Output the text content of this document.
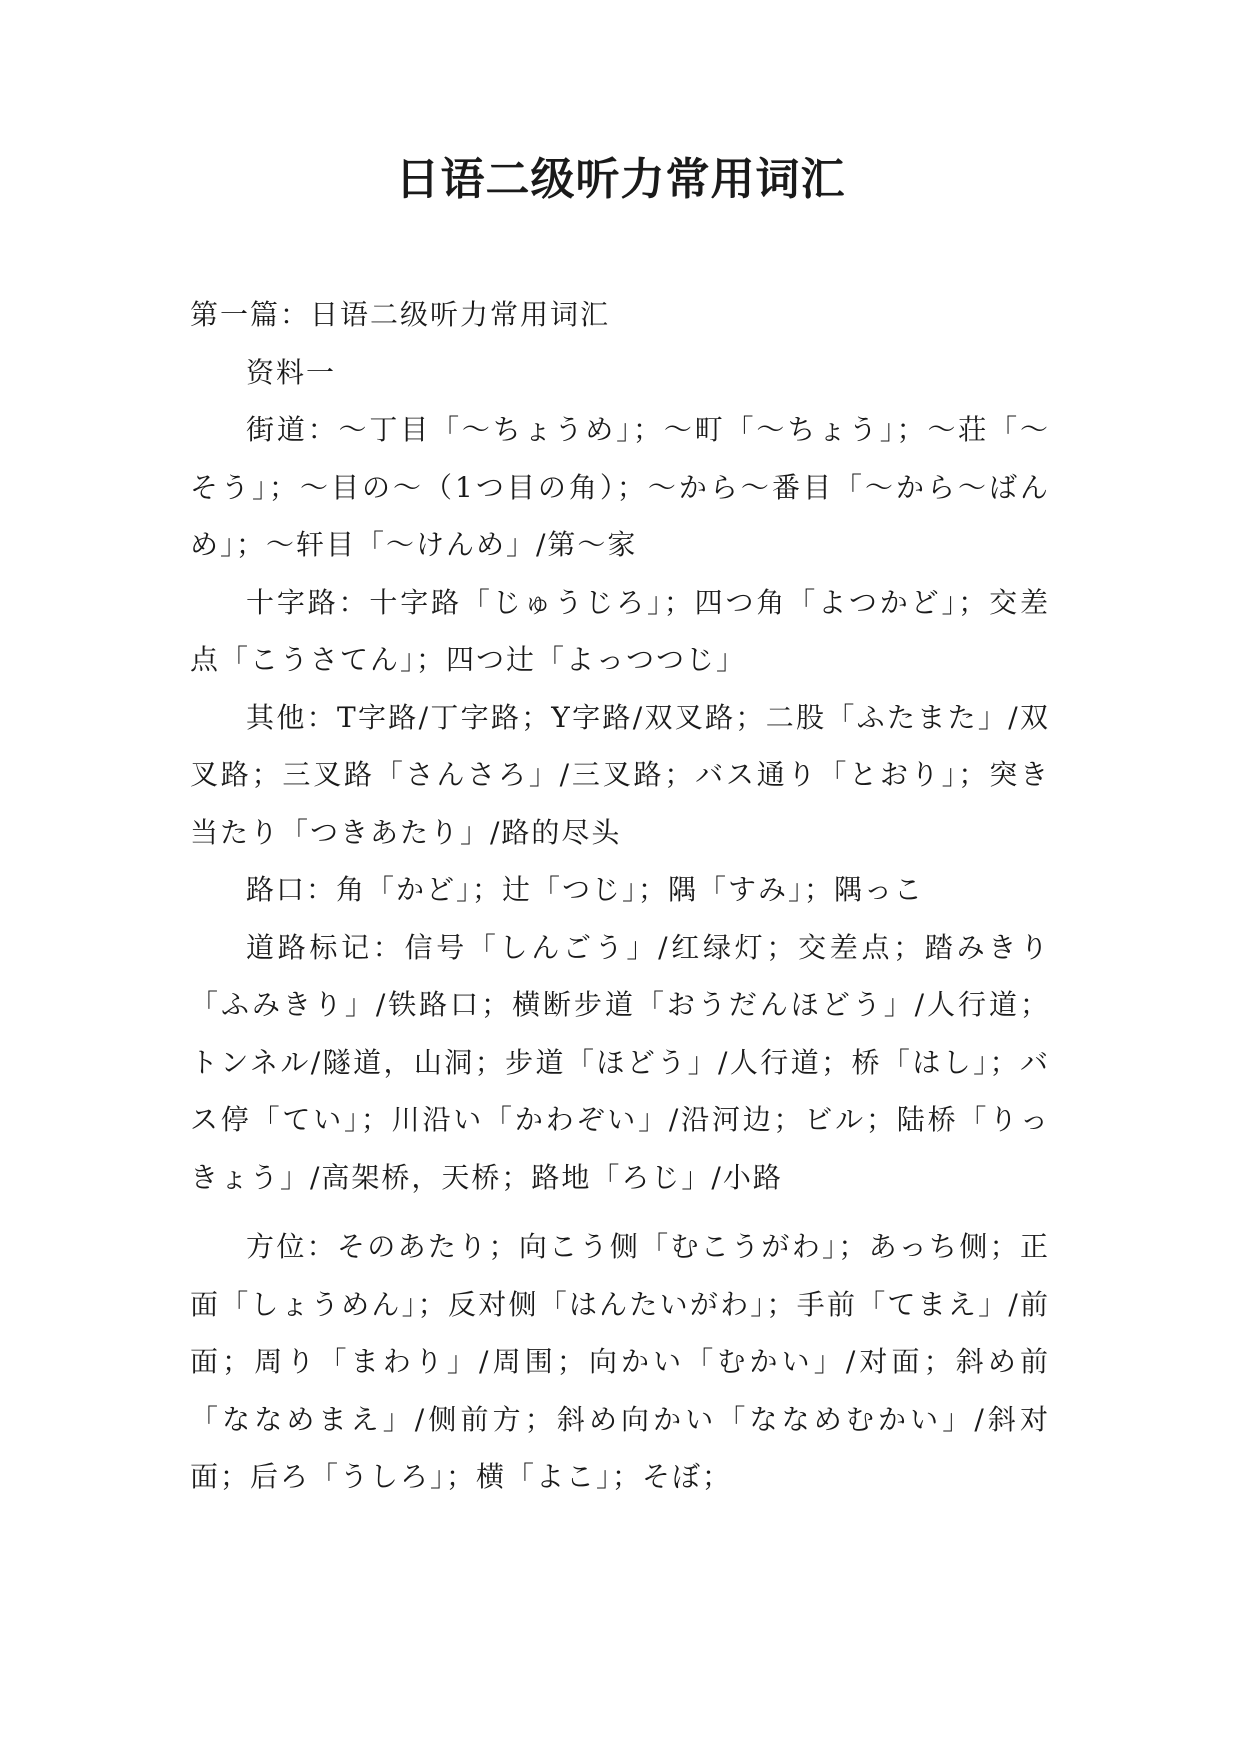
日语二级听力常用词汇

第一篇：日语二级听力常用词汇

资料一

街道：～丁目「～ちょうめ」；～町「～ちょう」；～荘「～そう」；～目の～（1つ目の角）；～から～番目「～から～ばんめ」；～轩目「～けんめ」/第～家

十字路：十字路「じゅうじろ」；四つ角「よつかど」；交差点「こうさてん」；四つ辻「よっつつじ」

其他：T字路/丁字路；Y字路/双叉路；二股「ふたまた」/双叉路；三叉路「さんさろ」/三叉路；バス通り「とおり」；突き当たり「つきあたり」/路的尽头

路口：角「かど」；辻「つじ」；隅「すみ」；隅っこ

道路标记：信号「しんごう」/红绿灯；交差点；踏みきり「ふみきり」/铁路口；横断步道「おうだんほどう」/人行道；トンネル/隧道，山洞；步道「ほどう」/人行道；桥「はし」；バス停「てい」；川沿い「かわぞい」/沿河边；ビル；陆桥「りっきょう」/高架桥，天桥；路地「ろじ」/小路

方位：そのあたり；向こう侧「むこうがわ」；あっち侧；正面「しょうめん」；反对侧「はんたいがわ」；手前「てまえ」/前面；周り「まわり」/周围；向かい「むかい」/对面；斜め前「ななめまえ」/侧前方；斜め向かい「ななめむかい」/斜对面；后ろ「うしろ」；横「よこ」；そぼ；
